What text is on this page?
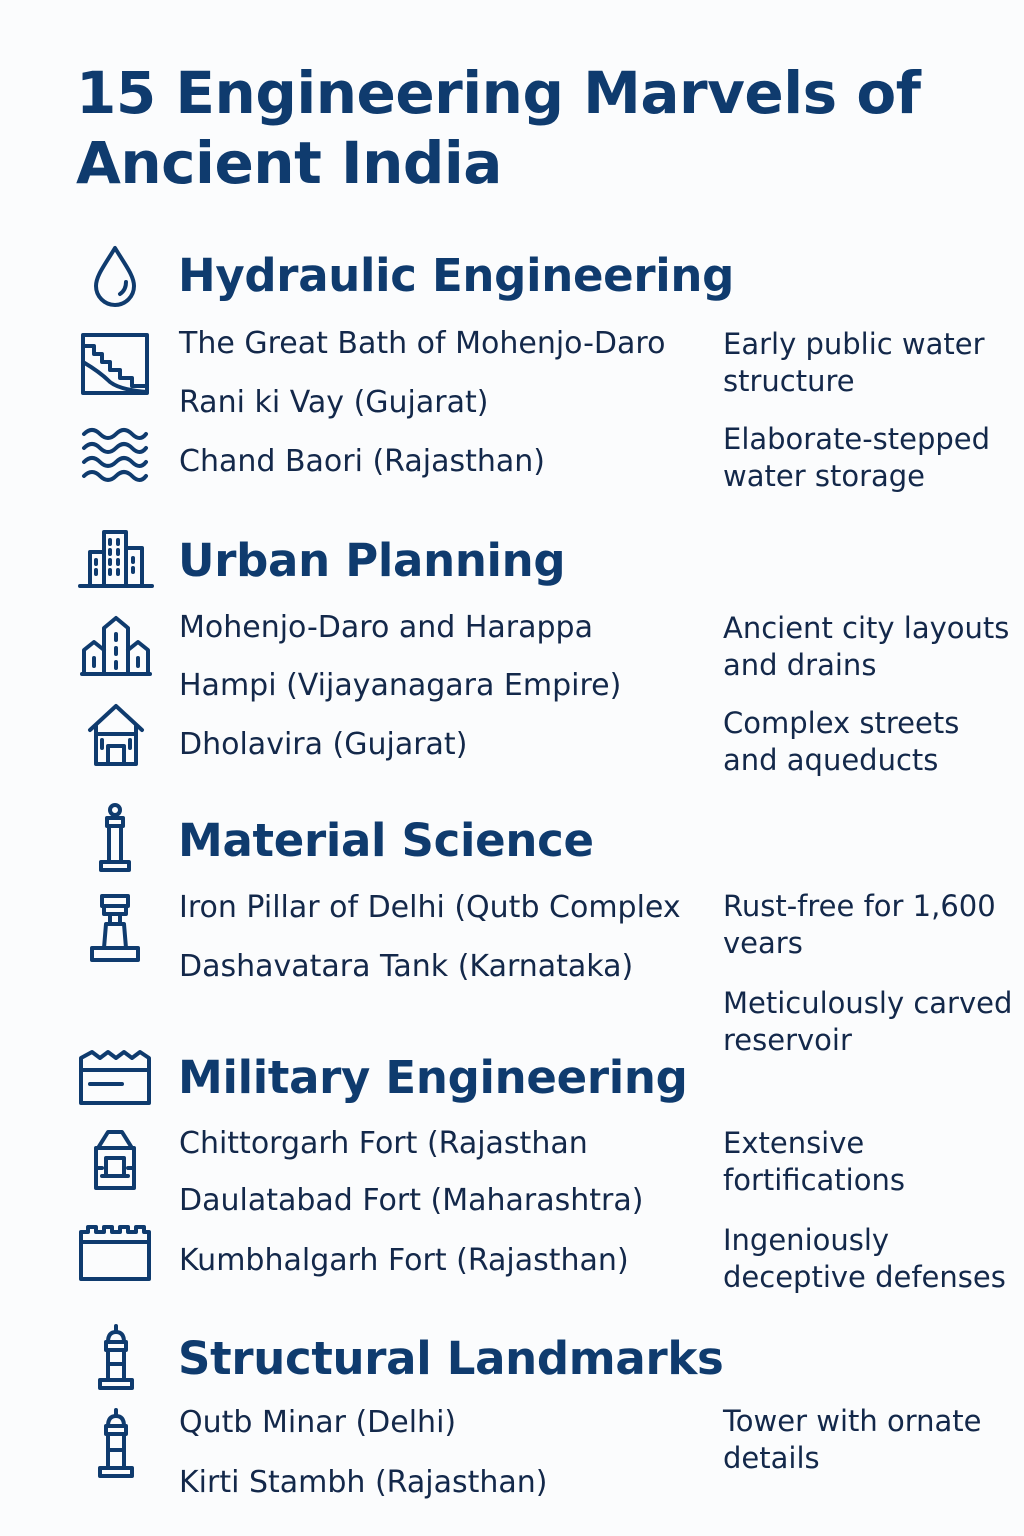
15 Engineering Marvels of Ancient India
Hydraulic Engineering
The Great Bath of Mohenjo-Daro
Rani ki Vay (Gujarat)
Chand Baori (Rajasthan)
Early public water structure
Elaborate-stepped water storage
Urban Planning
Mohenjo-Daro and Harappa
Hampi (Vijayanagara Empire)
Dholavira (Gujarat)
Ancient city layouts and drains
Complex streets and aqueducts
Material Science
Iron Pillar of Delhi (Qutb Complex
Dashavatara Tank (Karnataka)
Rust-free for 1,600 vears
Meticulously carved reservoir
Military Engineering
Chittorgarh Fort (Rajasthan
Daulatabad Fort (Maharashtra)
Kumbhalgarh Fort (Rajasthan)
Extensive fortifications
Ingeniously deceptive defenses
Structural Landmarks
Qutb Minar (Delhi)
Kirti Stambh (Rajasthan)
Tower with ornate details
